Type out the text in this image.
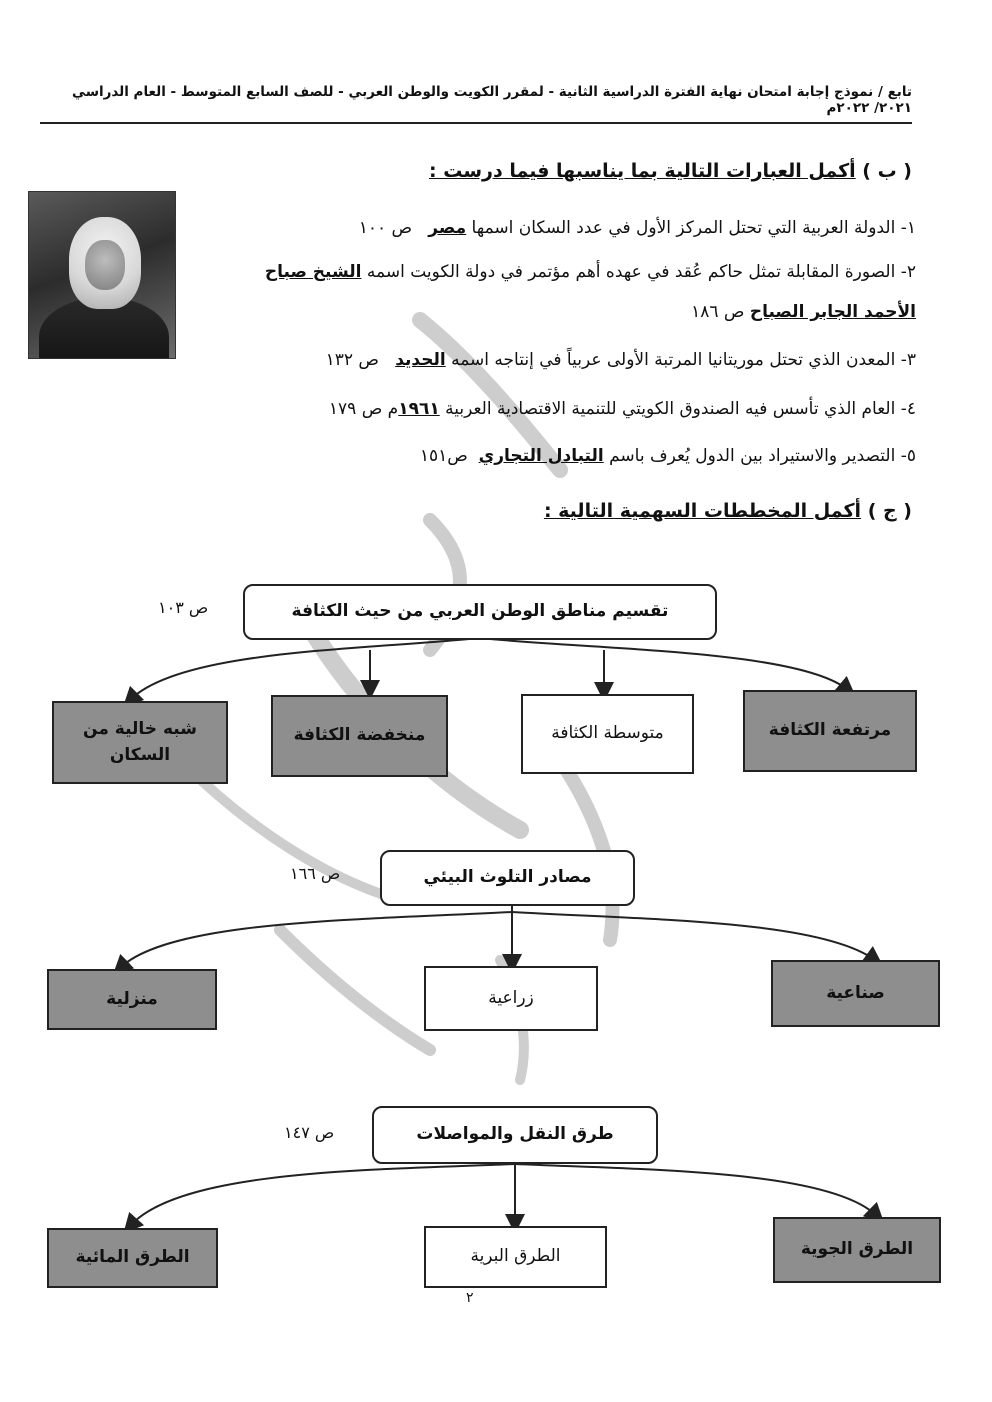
تابع / نموذج إجابة امتحان نهاية الفترة الدراسية الثانية - لمقرر الكويت والوطن العربي - للصف السابع المتوسط - العام الدراسي ٢٠٢١/ ٢٠٢٢م
( ب ) أكمل العبارات التالية بما يناسبها فيما درست :
١- الدولة العربية التي تحتل المركز الأول في عدد السكان اسمها مصر   ص ١٠٠
٢- الصورة المقابلة تمثل حاكم عُقد في عهده أهم مؤتمر في دولة الكويت اسمه الشيخ صباح
الأحمد الجابر الصباح ص ١٨٦
٣- المعدن الذي تحتل موريتانيا المرتبة الأولى عربياً في إنتاجه اسمه الحديد   ص ١٣٢
٤- العام الذي تأسس فيه الصندوق الكويتي للتنمية الاقتصادية العربية ١٩٦١م ص ١٧٩
٥- التصدير والاستيراد بين الدول يُعرف باسم التبادل التجاري  ص١٥١
( ج ) أكمل المخططات السهمية التالية :
تقسيم مناطق الوطن العربي من حيث الكثافة
ص ١٠٣
مرتفعة الكثافة
متوسطة الكثافة
منخفضة الكثافة
شبه خالية من السكان
مصادر التلوث البيئي
ص ١٦٦
صناعية
زراعية
منزلية
طرق النقل والمواصلات
ص ١٤٧
الطرق الجوية
الطرق البرية
الطرق المائية
٢
